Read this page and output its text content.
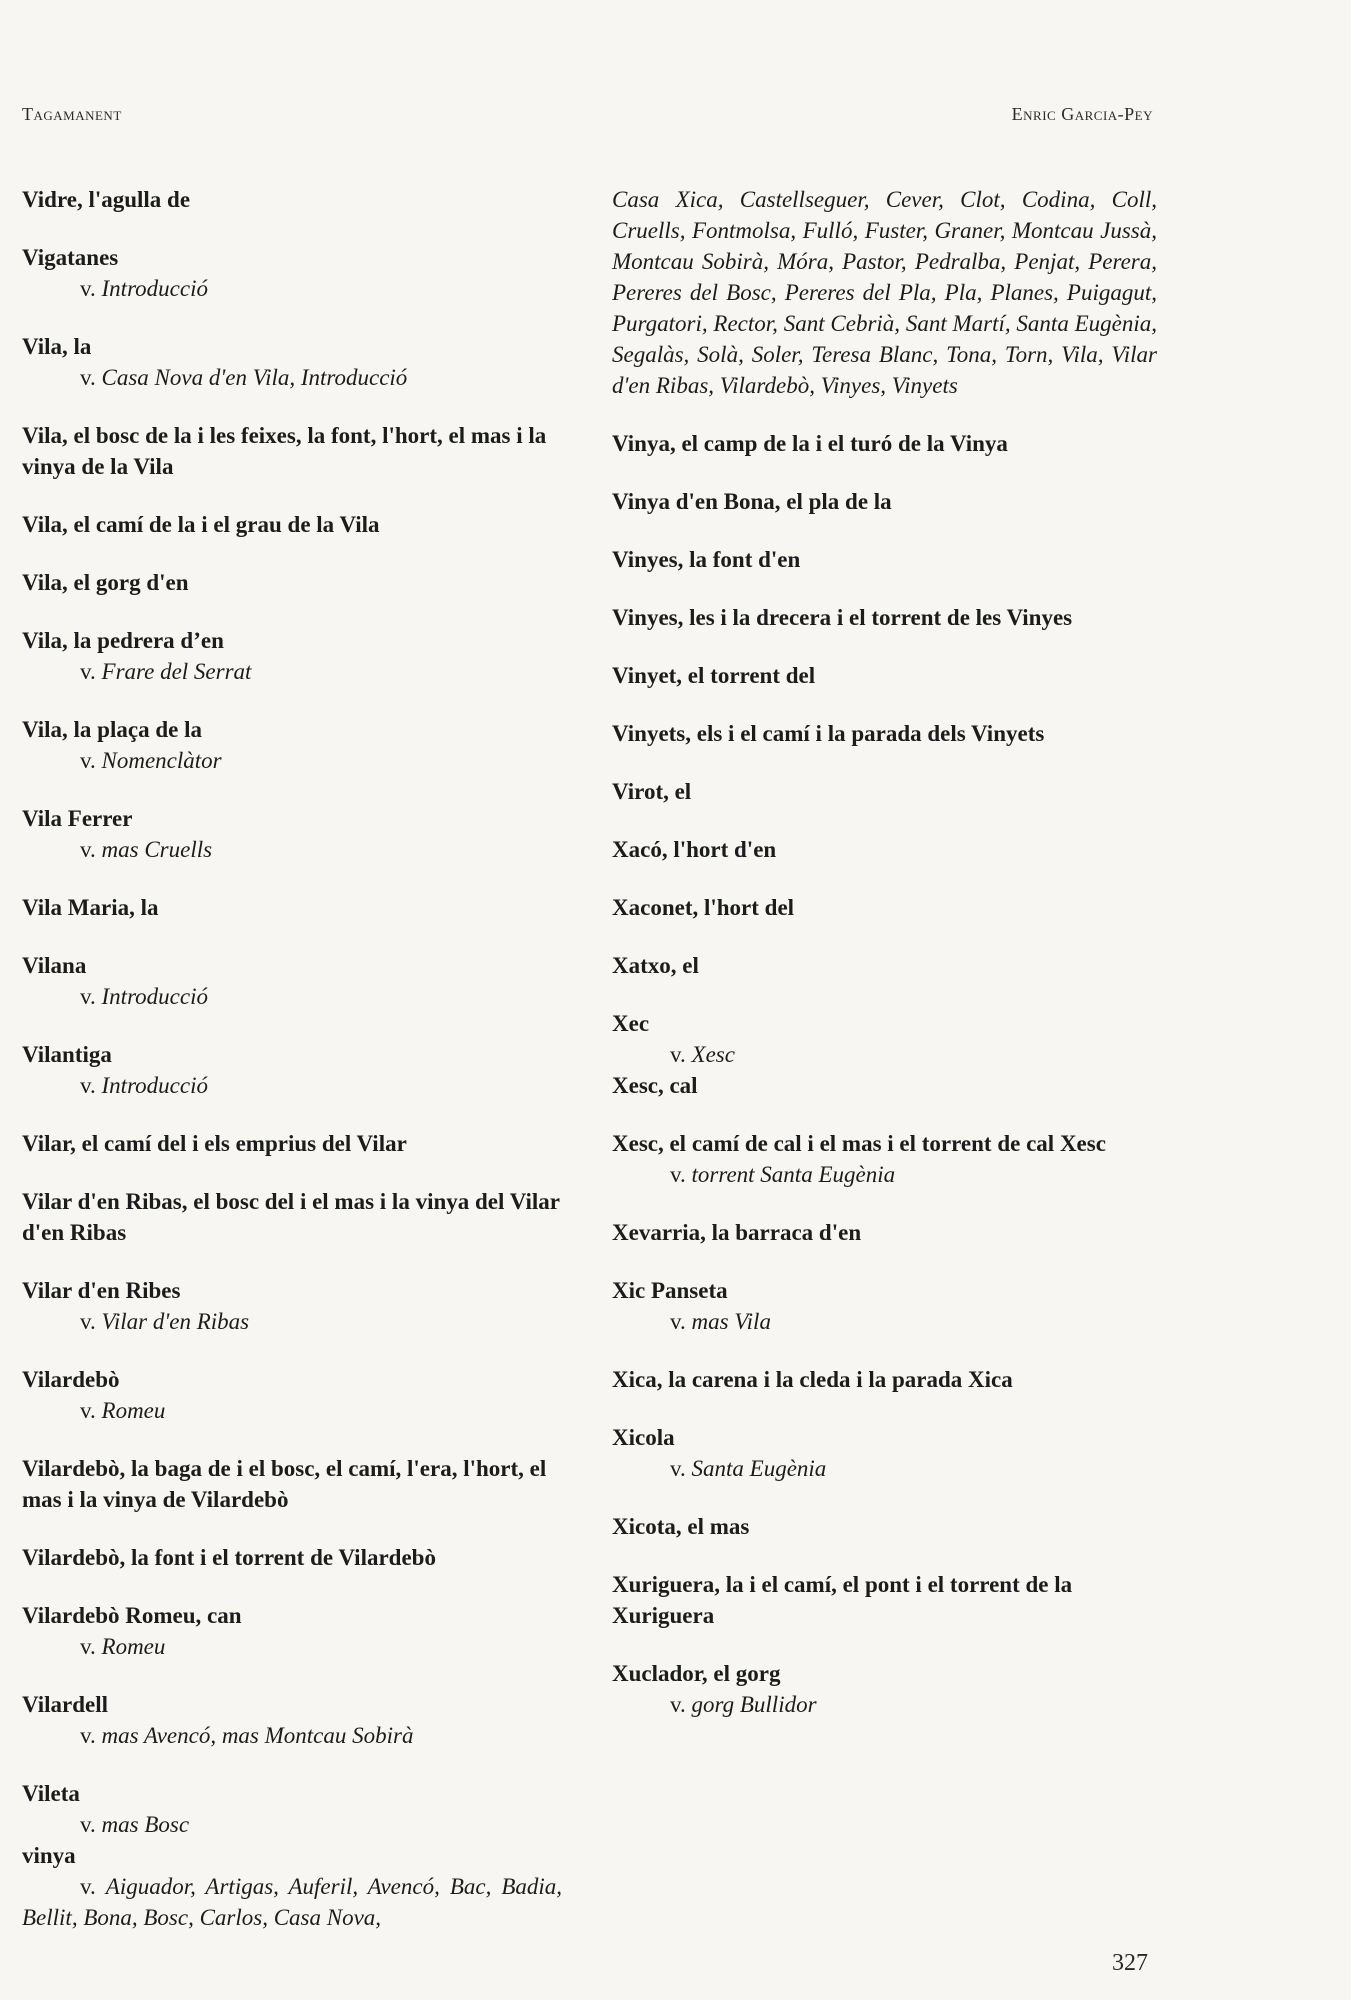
Tagamanent	Enric Garcia-Pey
Vidre, l'agulla de
Vigatanes
v. Introducció
Vila, la
v. Casa Nova d'en Vila, Introducció
Vila, el bosc de la i les feixes, la font, l'hort, el mas i la vinya de la Vila
Vila, el camí de la i el grau de la Vila
Vila, el gorg d'en
Vila, la pedrera d’en
v. Frare del Serrat
Vila, la plaça de la
v. Nomenclàtor
Vila Ferrer
v. mas Cruells
Vila Maria, la
Vilana
v. Introducció
Vilantiga
v. Introducció
Vilar, el camí del i els emprius del Vilar
Vilar d'en Ribas, el bosc del i el mas i la vinya del Vilar d'en Ribas
Vilar d'en Ribes
v. Vilar d'en Ribas
Vilardebò
v. Romeu
Vilardebò, la baga de i el bosc, el camí, l'era, l'hort, el mas i la vinya de Vilardebò
Vilardebò, la font i el torrent de Vilardebò
Vilardebò Romeu, can
v. Romeu
Vilardell
v. mas Avencó, mas Montcau Sobirà
Vileta
v. mas Bosc
vinya
v. Aiguador, Artigas, Auferil, Avencó, Bac, Badia, Bellit, Bona, Bosc, Carlos, Casa Nova,
Casa Xica, Castellseguer, Cever, Clot, Codina, Coll, Cruells, Fontmolsa, Fulló, Fuster, Graner, Montcau Jussà, Montcau Sobirà, Móra, Pastor, Pedralba, Penjat, Perera, Pereres del Bosc, Pereres del Pla, Pla, Planes, Puigagut, Purgatori, Rector, Sant Cebrià, Sant Martí, Santa Eugènia, Segalàs, Solà, Soler, Teresa Blanc, Tona, Torn, Vila, Vilar d'en Ribas, Vilardebò, Vinyes, Vinyets
Vinya, el camp de la i el turó de la Vinya
Vinya d'en Bona, el pla de la
Vinyes, la font d'en
Vinyes, les i la drecera i el torrent de les Vinyes
Vinyet, el torrent del
Vinyets, els i el camí i la parada dels Vinyets
Virot, el
Xacó, l'hort d'en
Xaconet, l'hort del
Xatxo, el
Xec
v. Xesc
Xesc, cal
Xesc, el camí de cal i el mas i el torrent de cal Xesc
v. torrent Santa Eugènia
Xevarria, la barraca d'en
Xic Panseta
v. mas Vila
Xica, la carena i la cleda i la parada Xica
Xicola
v. Santa Eugènia
Xicota, el mas
Xuriguera, la i el camí, el pont i el torrent de la Xuriguera
Xuclador, el gorg
v. gorg Bullidor
327
